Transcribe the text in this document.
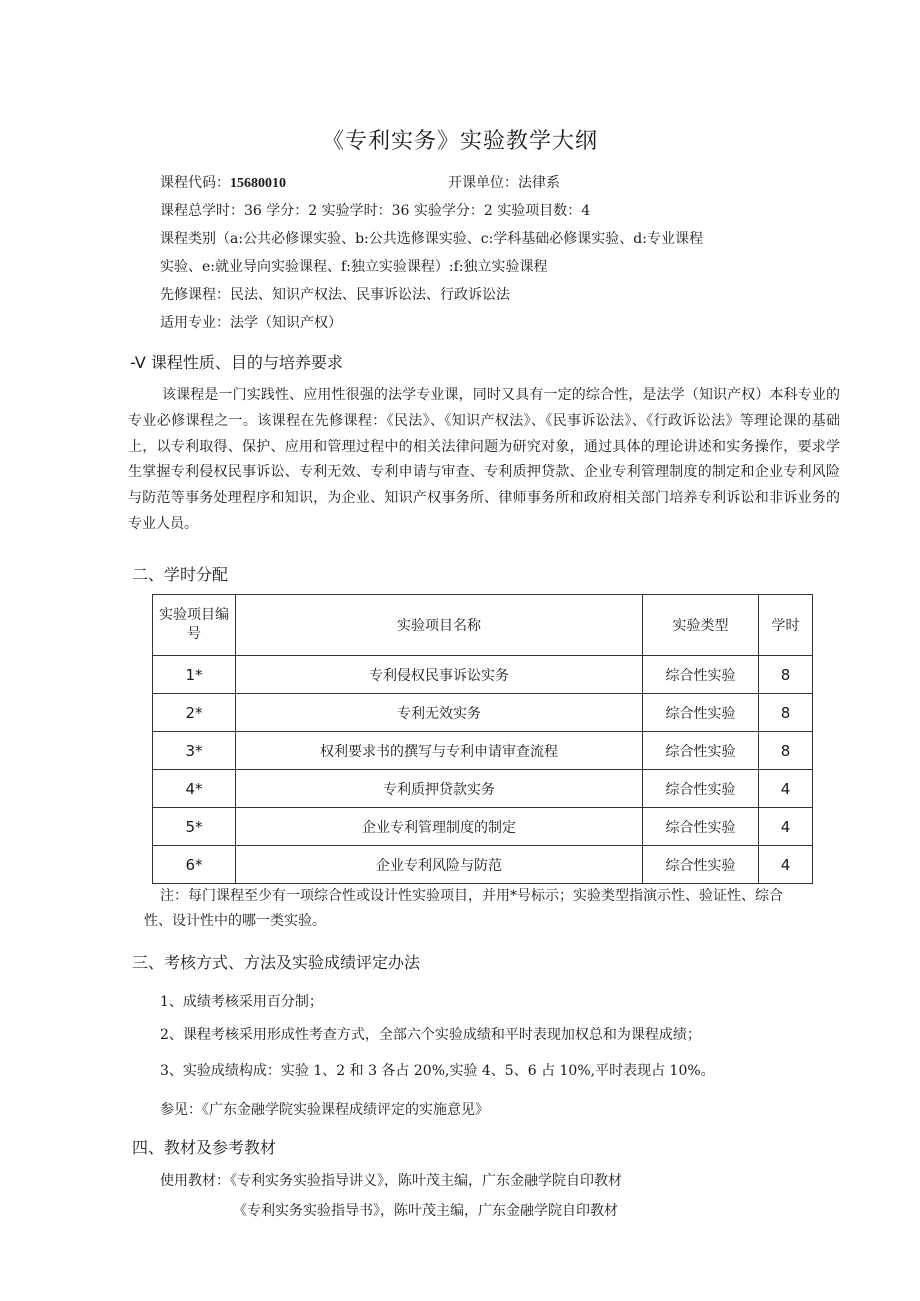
《专利实务》实验教学大纲
课程代码：15680010	开课单位：法律系
课程总学时：36 学分：2 实验学时：36 实验学分：2 实验项目数：4
课程类别（a:公共必修课实验、b:公共选修课实验、c:学科基础必修课实验、d:专业课程
实验、e:就业导向实验课程、f:独立实验课程）:f:独立实验课程
先修课程：民法、知识产权法、民事诉讼法、行政诉讼法
适用专业：法学（知识产权）
-V 课程性质、目的与培养要求

该课程是一门实践性、应用性很强的法学专业课，同时又具有一定的综合性，是法学（知识产权）本科专业的专业必修课程之一。该课程在先修课程：《民法》、《知识产权法》、《民事诉讼法》、《行政诉讼法》等理论课的基础上，以专利取得、保护、应用和管理过程中的相关法律问题为研究对象，通过具体的理论讲述和实务操作，要求学生掌握专利侵权民事诉讼、专利无效、专利申请与审查、专利质押贷款、企业专利管理制度的制定和企业专利风险与防范等事务处理程序和知识，为企业、知识产权事务所、律师事务所和政府相关部门培养专利诉讼和非诉业务的专业人员。

二、学时分配
实验项目编号	实验项目名称	实验类型	学时
1*	专利侵权民事诉讼实务	综合性实验	8
2*	专利无效实务	综合性实验	8
3*	权利要求书的撰写与专利申请审查流程	综合性实验	8
4*	专利质押贷款实务	综合性实验	4
5*	企业专利管理制度的制定	综合性实验	4
6*	企业专利风险与防范	综合性实验	4

注：每门课程至少有一项综合性或设计性实验项目，并用*号标示；实验类型指演示性、验证性、综合性、设计性中的哪一类实验。

三、考核方式、方法及实验成绩评定办法
1、成绩考核采用百分制；
2、课程考核采用形成性考查方式，全部六个实验成绩和平时表现加权总和为课程成绩；
3、实验成绩构成：实验 1、2 和 3 各占 20%,实验 4、5、6 占 10%,平时表现占 10%。
参见：《广东金融学院实验课程成绩评定的实施意见》
四、教材及参考教材
使用教材：《专利实务实验指导讲义》，陈叶茂主编，广东金融学院自印教材
《专利实务实验指导书》，陈叶茂主编，广东金融学院自印教材
